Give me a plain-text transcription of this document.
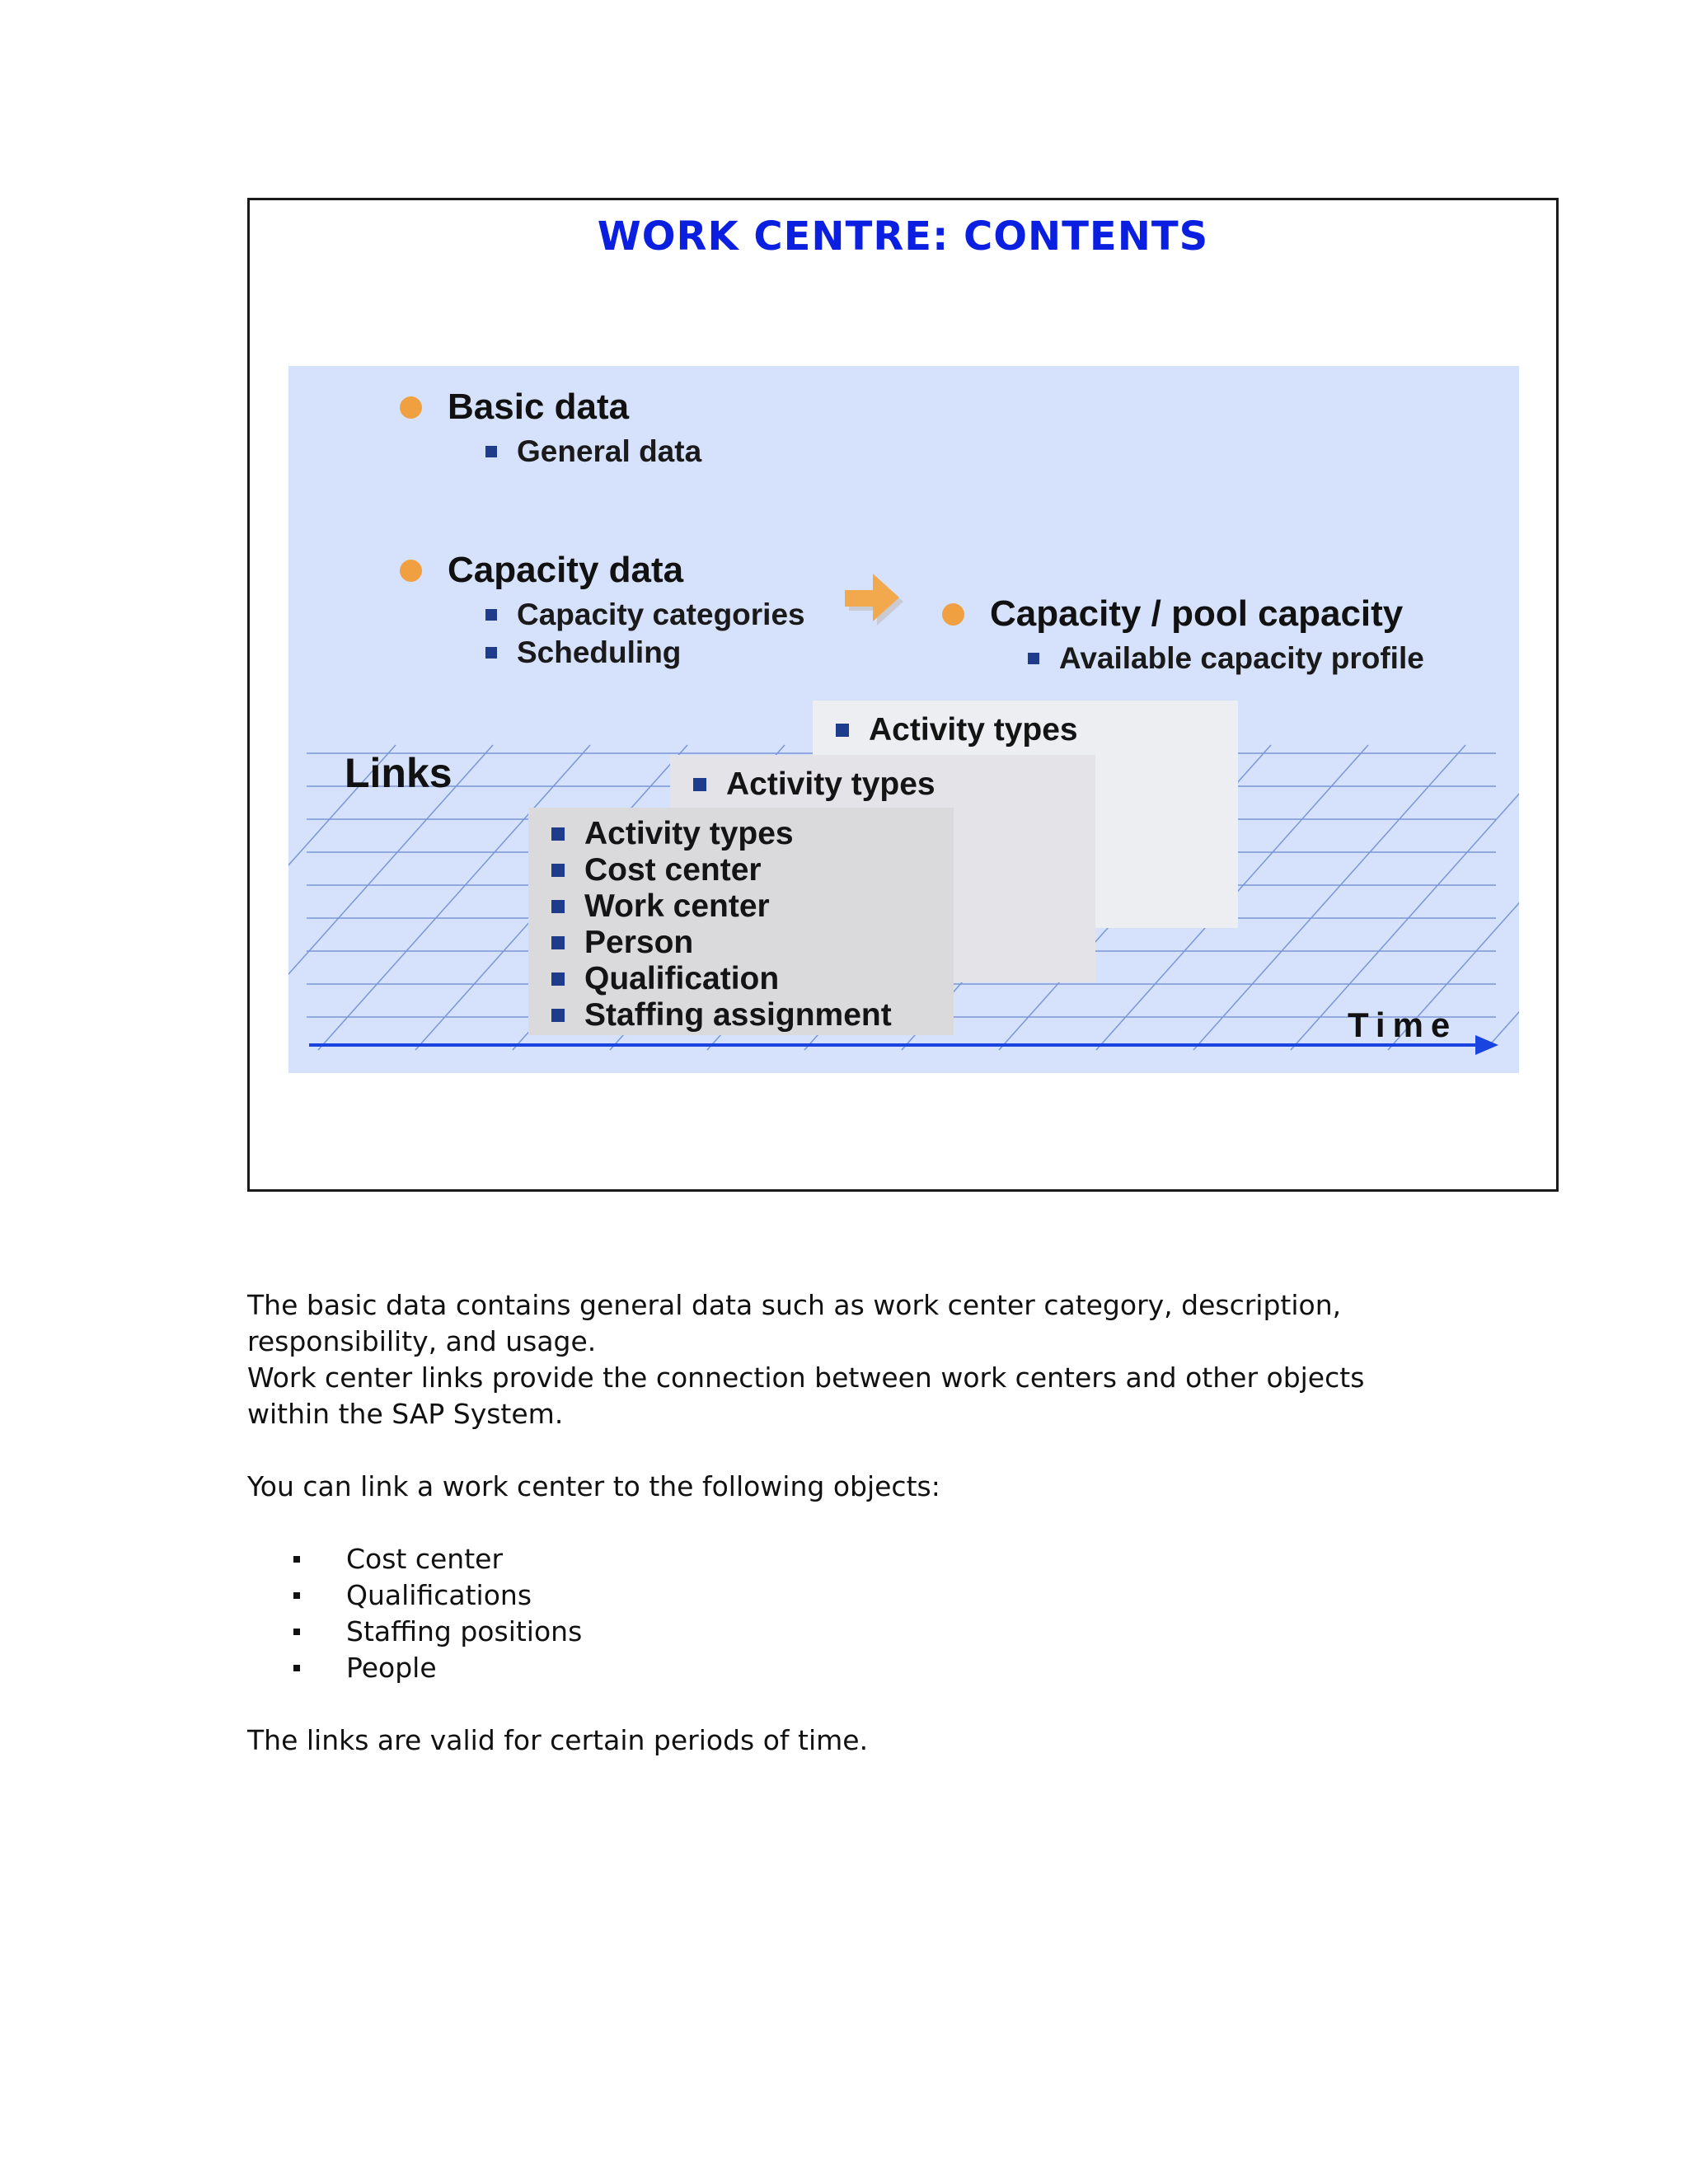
WORK CENTRE: CONTENTS
Basic data
General data
Capacity data
Capacity categories
Scheduling
Capacity / pool capacity
Available capacity profile
Links
Activity types
Activity types
Activity types
Cost center
Work center
Person
Qualification
Staffing assignment	Time

The basic data contains general data such as work center category, description,

responsibility, and usage.

Work center links provide the connection between work centers and other objects

within the SAP System.

You can link a work center to the following objects:

Cost center
Qualifications
Staffing positions
People

The links are valid for certain periods of time.
